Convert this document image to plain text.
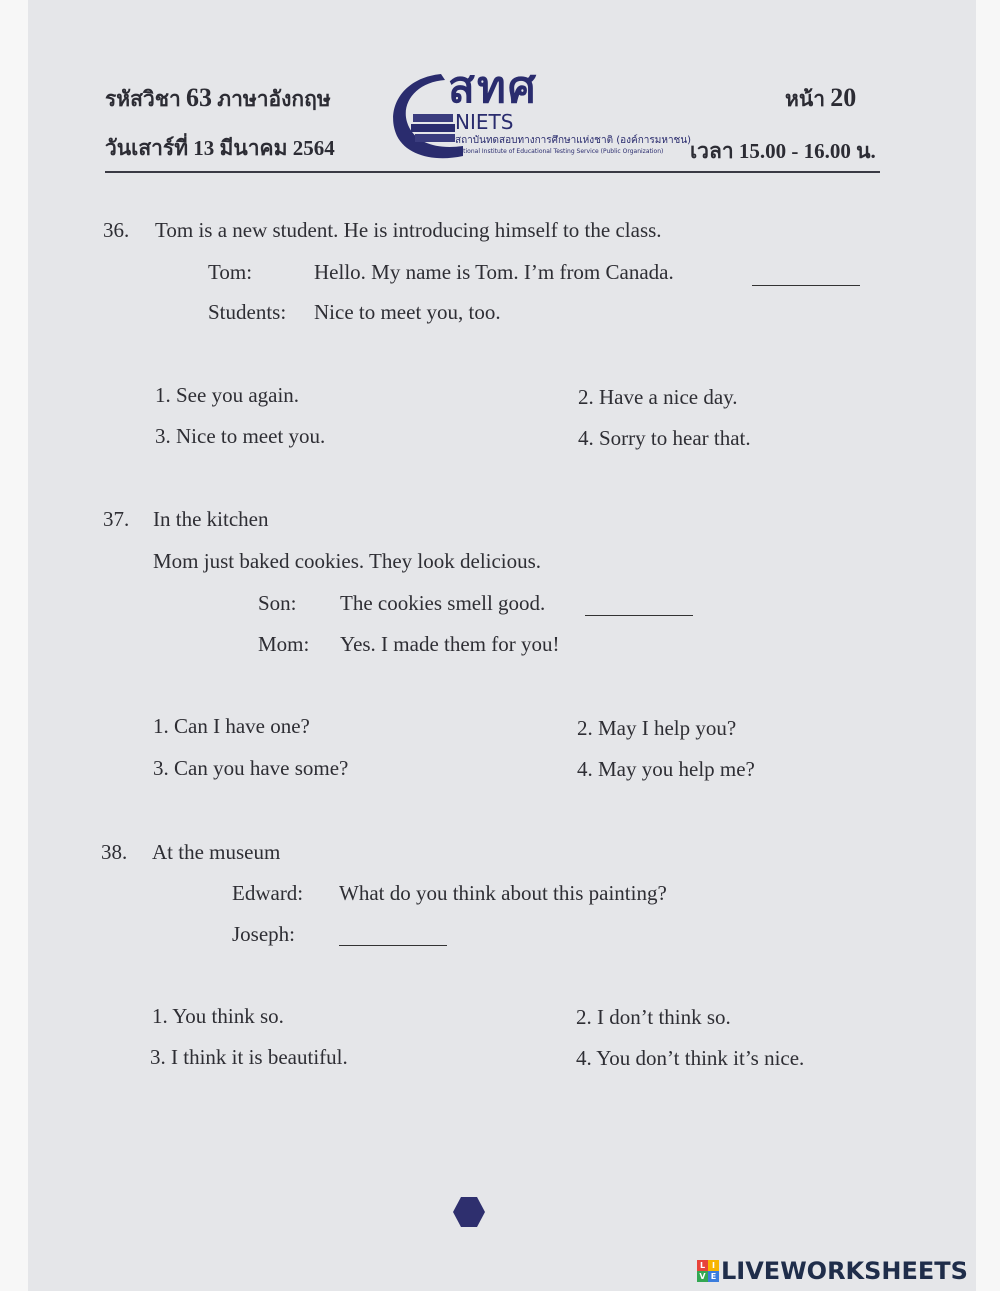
รหัสวิชา 63 ภาษาอังกฤษ
วันเสาร์ที่ 13 มีนาคม 2564
หน้า 20
เวลา 15.00 - 16.00 น.
สทศ
NIETS
สถาบันทดสอบทางการศึกษาแห่งชาติ (องค์การมหาชน)
National Institute of Educational Testing Service (Public Organization)
36. Tom is a new student. He is introducing himself to the class.
Tom:	Hello. My name is Tom. I’m from Canada.
Students: Nice to meet you, too.
1. See you again.	2. Have a nice day.
3. Nice to meet you.	4. Sorry to hear that.
37. In the kitchen
Mom just baked cookies. They look delicious.
Son: The cookies smell good.
Mom: Yes. I made them for you!
1. Can I have one?	2. May I help you?
3. Can you have some?	4. May you help me?
38. At the museum
Edward: What do you think about this painting?
Joseph:
1. You think so.	2. I don’t think so.
3. I think it is beautiful.	4. You don’t think it’s nice.
L I
V E LIVEWORKSHEETS
